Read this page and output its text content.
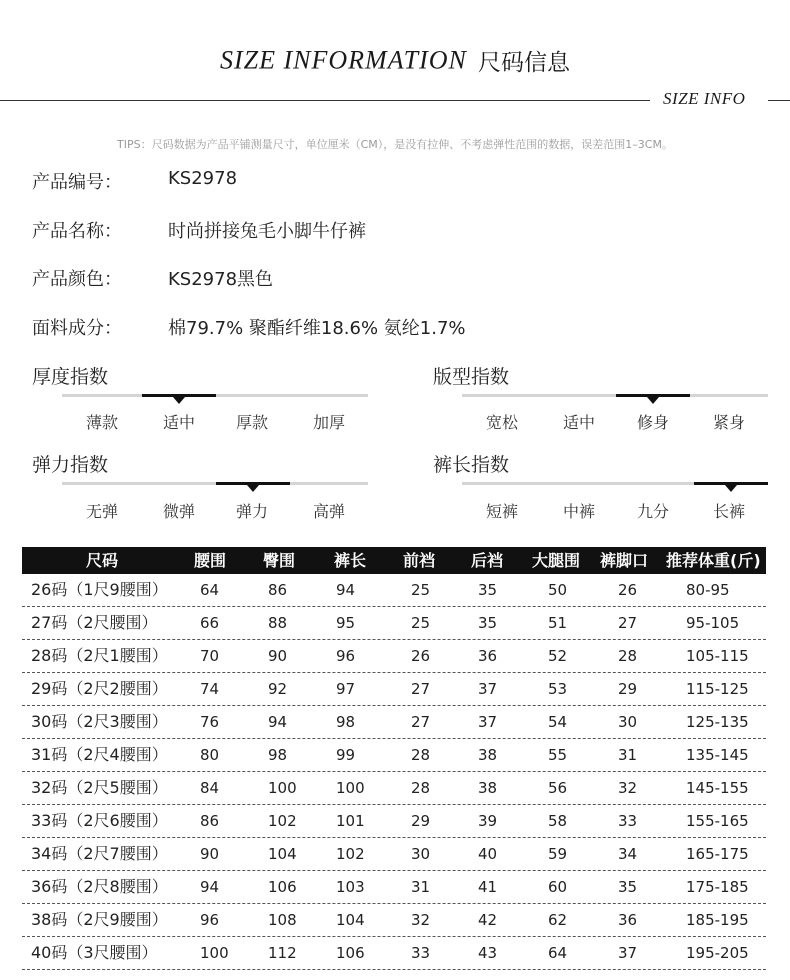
SIZE INFORMATION 尺码信息
SIZE INFO
TIPS：尺码数据为产品平铺测量尺寸，单位厘米（CM），是没有拉伸、不考虑弹性范围的数据，误差范围1–3CM。
产品编号：	KS2978
产品名称：	时尚拼接兔毛小脚牛仔裤
产品颜色：	KS2978黑色
面料成分：	棉79.7% 聚酯纤维18.6% 氨纶1.7%
厚度指数
薄款	适中	厚款	加厚
版型指数
宽松	适中	修身	紧身
弹力指数
无弹	微弹	弹力	高弹
裤长指数
短裤	中裤	九分	长裤
尺码	腰围 臀围 裤长 前裆 后裆 大腿围 裤脚口 推荐体重(斤)
26码（1尺9腰围） 64	86	94	25	35	50	26	80-95
27码（2尺腰围）	66	88	95	25	35	51	27	95-105
28码（2尺1腰围） 70	90	96	26	36	52	28	105-115
29码（2尺2腰围） 74	92	97	27	37	53	29	115-125
30码（2尺3腰围） 76	94	98	27	37	54	30	125-135
31码（2尺4腰围） 80	98	99	28	38	55	31	135-145
32码（2尺5腰围） 84	100	100	28	38	56	32	145-155
33码（2尺6腰围） 86	102	101	29	39	58	33	155-165
34码（2尺7腰围） 90	104	102	30	40	59	34	165-175
36码（2尺8腰围） 94	106	103	31	41	60	35	175-185
38码（2尺9腰围） 96	108	104	32	42	62	36	185-195
40码（3尺腰围）	100	112	106	33	43	64	37	195-205
